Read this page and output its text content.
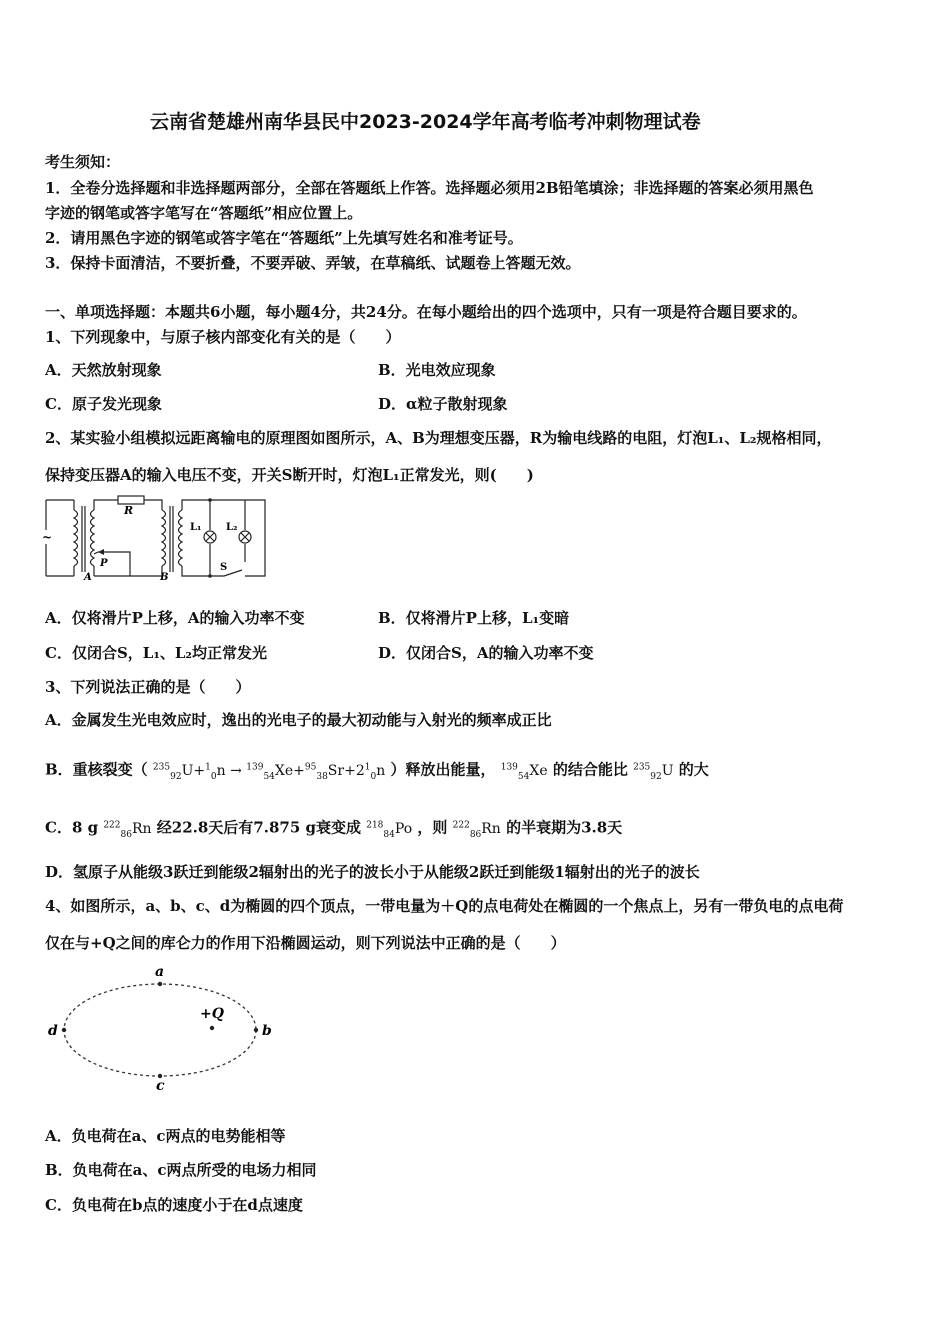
云南省楚雄州南华县民中2023-2024学年高考临考冲刺物理试卷
考生须知：
1．全卷分选择题和非选择题两部分，全部在答题纸上作答。选择题必须用2B铅笔填涂；非选择题的答案必须用黑色
字迹的钢笔或答字笔写在“答题纸”相应位置上。
2．请用黑色字迹的钢笔或答字笔在“答题纸”上先填写姓名和准考证号。
3．保持卡面清洁，不要折叠，不要弄破、弄皱，在草稿纸、试题卷上答题无效。
一、单项选择题：本题共6小题，每小题4分，共24分。在每小题给出的四个选项中，只有一项是符合题目要求的。
1、下列现象中，与原子核内部变化有关的是（　　）
A．天然放射现象	B．光电效应现象
C．原子发光现象	D．α粒子散射现象
2、某实验小组模拟远距离输电的原理图如图所示，A、B为理想变压器，R为输电线路的电阻，灯泡L₁、L₂规格相同，
保持变压器A的输入电压不变，开关S断开时，灯泡L₁正常发光，则(　　)
R
A	B
P
L₁ L₂
S
~
A．仅将滑片P上移，A的输入功率不变	B．仅将滑片P上移，L₁变暗
C．仅闭合S，L₁、L₂均正常发光	D．仅闭合S，A的输入功率不变
3、下列说法正确的是（　　）
A．金属发生光电效应时，逸出的光电子的最大初动能与入射光的频率成正比
B．重核裂变（ $^{235}_{92}U+^1_0n \to ^{139}_{54}Xe+^{95}_{38}Sr+2^1_0n$ ）释放出能量， $^{139}_{54}$Xe 的结合能比 $^{235}_{92}$U 的大
C．8 g $^{222}_{86}$Rn 经22.8天后有7.875 g衰变成 $^{218}_{84}$Po ，则 $^{222}_{86}$Rn 的半衰期为3.8天
D．氢原子从能级3跃迁到能级2辐射出的光子的波长小于从能级2跃迁到能级1辐射出的光子的波长
4、如图所示，a、b、c、d为椭圆的四个顶点，一带电量为＋Q的点电荷处在椭圆的一个焦点上，另有一带负电的点电荷
仅在与+Q之间的库仑力的作用下沿椭圆运动，则下列说法中正确的是（　　）
a
b
c
d
+Q
A．负电荷在a、c两点的电势能相等
B．负电荷在a、c两点所受的电场力相同
C．负电荷在b点的速度小于在d点速度
